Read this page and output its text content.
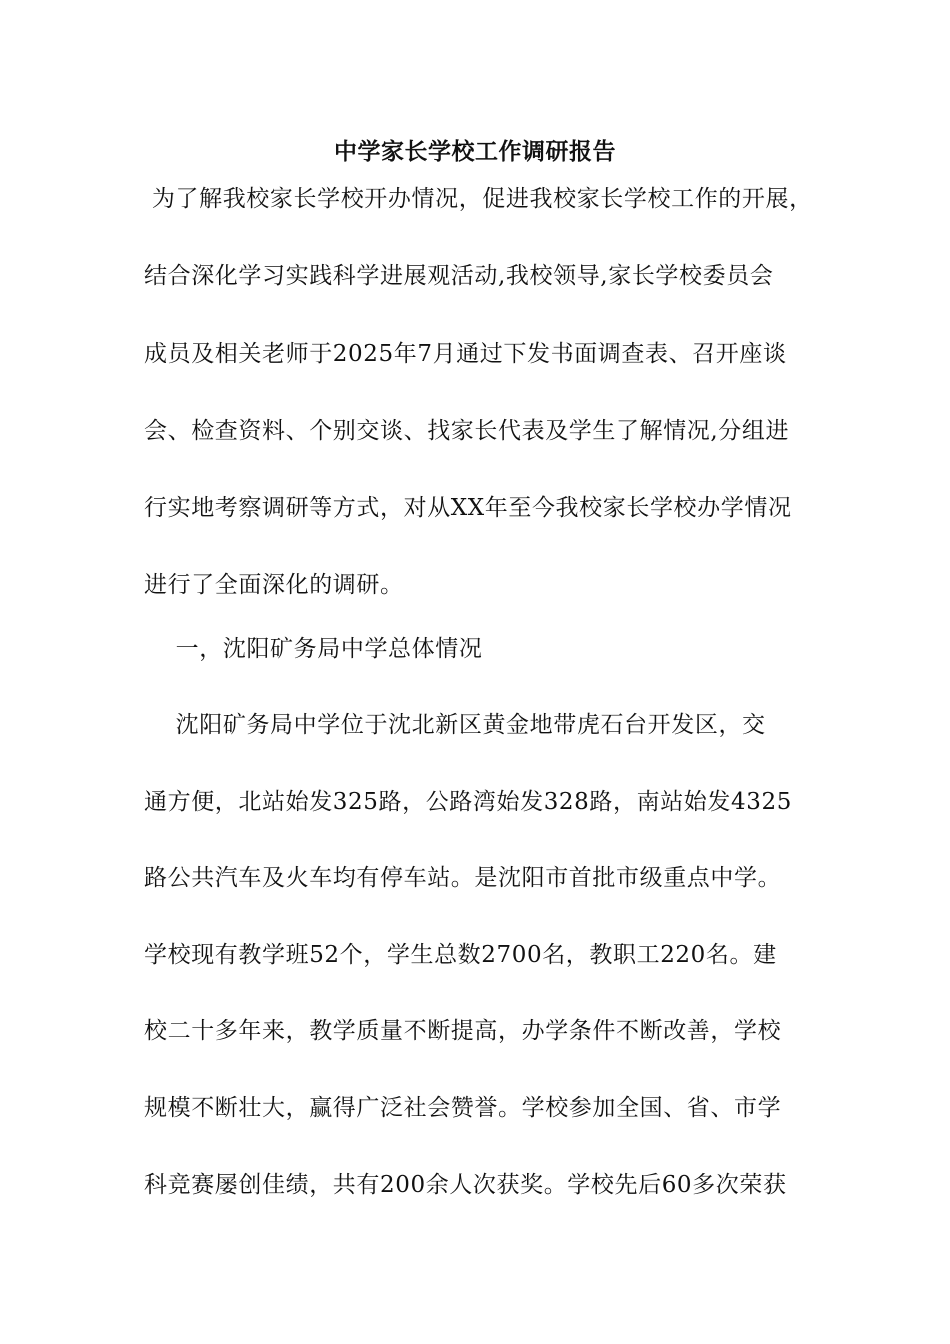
中学家长学校工作调研报告
为了解我校家长学校开办情况，促进我校家长学校工作的开展，
结合深化学习实践科学进展观活动,我校领导,家长学校委员会
成员及相关老师于2025年7月通过下发书面调查表、召开座谈
会、检查资料、个别交谈、找家长代表及学生了解情况,分组进
行实地考察调研等方式，对从XX年至今我校家长学校办学情况
进行了全面深化的调研。
一，沈阳矿务局中学总体情况
沈阳矿务局中学位于沈北新区黄金地带虎石台开发区，交
通方便，北站始发325路，公路湾始发328路，南站始发4325
路公共汽车及火车均有停车站。是沈阳市首批市级重点中学。
学校现有教学班52个，学生总数2700名，教职工220名。建
校二十多年来，教学质量不断提高，办学条件不断改善，学校
规模不断壮大，赢得广泛社会赞誉。学校参加全国、省、市学
科竞赛屡创佳绩，共有200余人次获奖。学校先后60多次荣获
